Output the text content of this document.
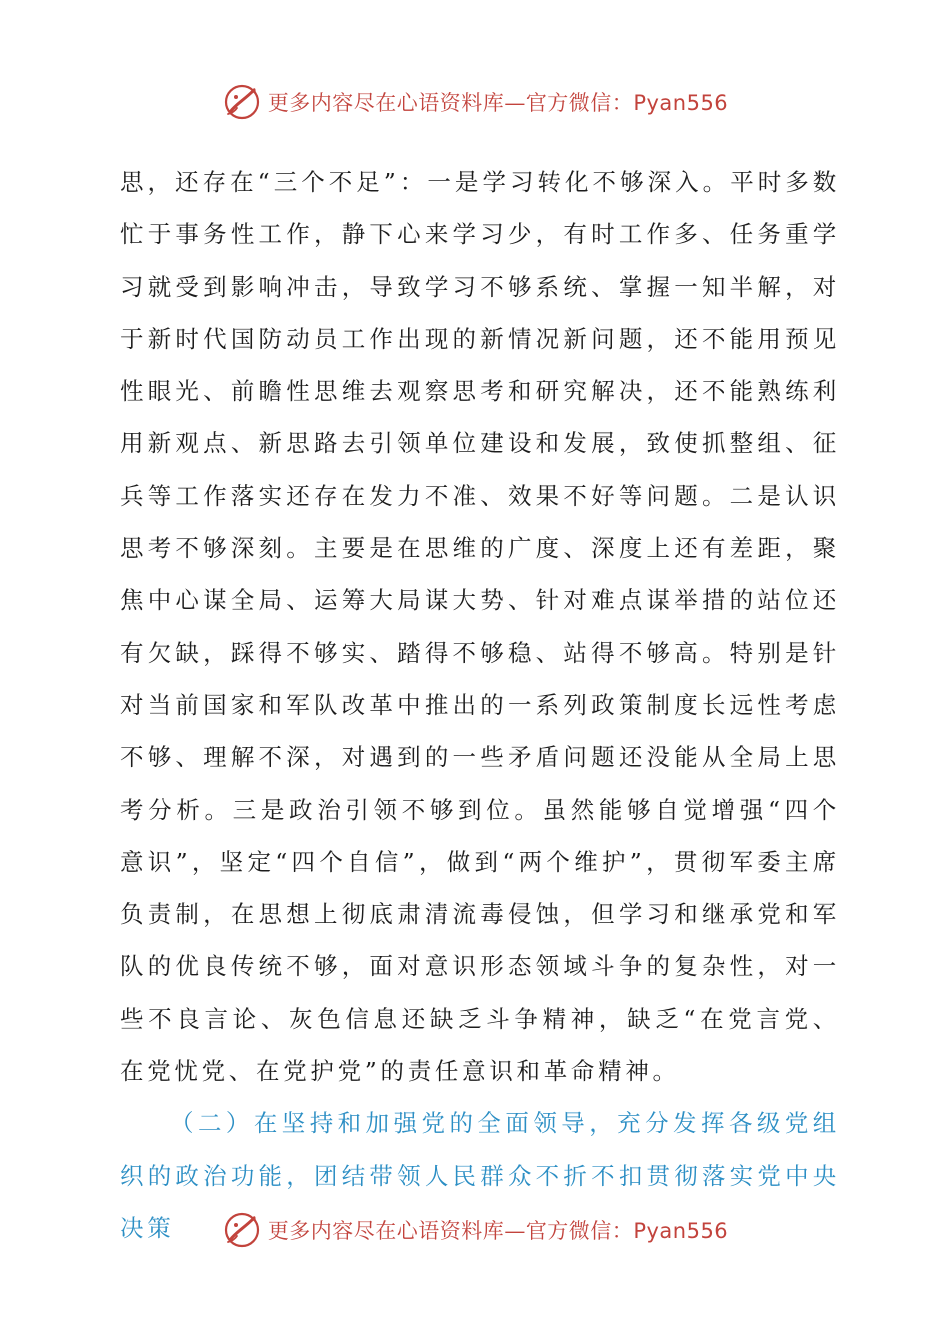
更多内容尽在心语资料库—官方微信：Pyan556

思，还存在“三个不足”：一是学习转化不够深入。平时多数忙于事务性工作，静下心来学习少，有时工作多、任务重学习就受到影响冲击，导致学习不够系统、掌握一知半解，对于新时代国防动员工作出现的新情况新问题，还不能用预见性眼光、前瞻性思维去观察思考和研究解决，还不能熟练利用新观点、新思路去引领单位建设和发展，致使抓整组、征兵等工作落实还存在发力不准、效果不好等问题。二是认识思考不够深刻。主要是在思维的广度、深度上还有差距，聚焦中心谋全局、运筹大局谋大势、针对难点谋举措的站位还有欠缺，踩得不够实、踏得不够稳、站得不够高。特别是针对当前国家和军队改革中推出的一系列政策制度长远性考虑不够、理解不深，对遇到的一些矛盾问题还没能从全局上思考分析。三是政治引领不够到位。虽然能够自觉增强“四个意识”，坚定“四个自信”，做到“两个维护”，贯彻军委主席负责制，在思想上彻底肃清流毒侵蚀，但学习和继承党和军队的优良传统不够，面对意识形态领域斗争的复杂性，对一些不良言论、灰色信息还缺乏斗争精神，缺乏“在党言党、在党忧党、在党护党”的责任意识和革命精神。

（二）在坚持和加强党的全面领导，充分发挥各级党组织的政治功能，团结带领人民群众不折不扣贯彻落实党中央决策	更多内容尽在心语资料库—官方微信：Pyan556
